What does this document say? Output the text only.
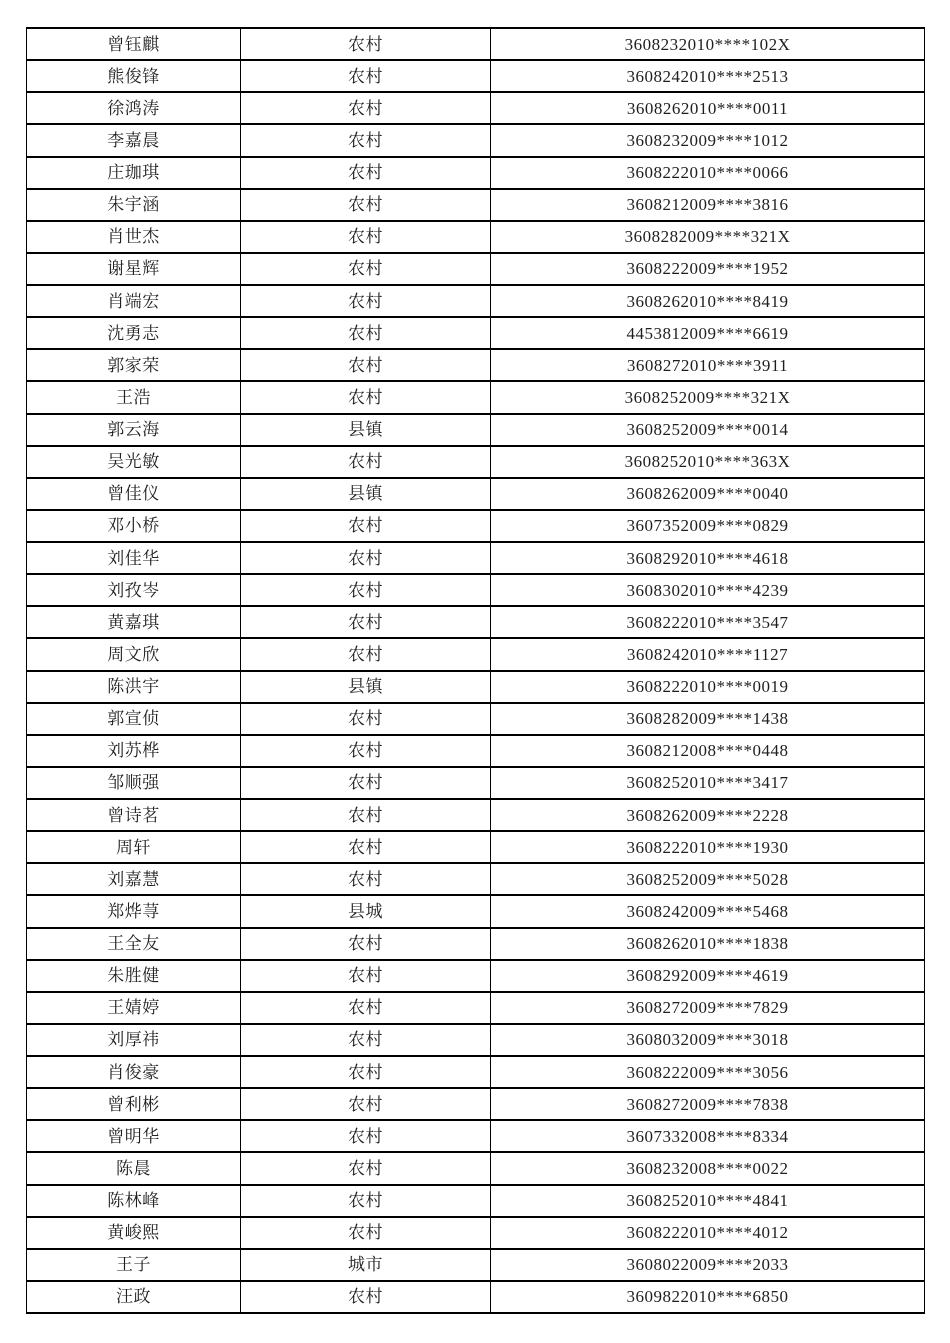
曾钰麒	农村	3608232010****102X
熊俊锋	农村	3608242010****2513
徐鸿涛	农村	3608262010****0011
李嘉晨	农村	3608232009****1012
庄珈琪	农村	3608222010****0066
朱宇涵	农村	3608212009****3816
肖世杰	农村	3608282009****321X
谢星辉	农村	3608222009****1952
肖端宏	农村	3608262010****8419
沈勇志	农村	4453812009****6619
郭家荣	农村	3608272010****3911
王浩	农村	3608252009****321X
郭云海	县镇	3608252009****0014
吴光敏	农村	3608252010****363X
曾佳仪	县镇	3608262009****0040
邓小桥	农村	3607352009****0829
刘佳华	农村	3608292010****4618
刘孜岑	农村	3608302010****4239
黄嘉琪	农村	3608222010****3547
周文欣	农村	3608242010****1127
陈洪宇	县镇	3608222010****0019
郭宣侦	农村	3608282009****1438
刘苏桦	农村	3608212008****0448
邹顺强	农村	3608252010****3417
曾诗茗	农村	3608262009****2228
周轩	农村	3608222010****1930
刘嘉慧	农村	3608252009****5028
郑烨荨	县城	3608242009****5468
王全友	农村	3608262010****1838
朱胜健	农村	3608292009****4619
王婧婷	农村	3608272009****7829
刘厚祎	农村	3608032009****3018
肖俊豪	农村	3608222009****3056
曾利彬	农村	3608272009****7838
曾明华	农村	3607332008****8334
陈晨	农村	3608232008****0022
陈林峰	农村	3608252010****4841
黄峻熙	农村	3608222010****4012
王子	城市	3608022009****2033
汪政	农村	3609822010****6850
